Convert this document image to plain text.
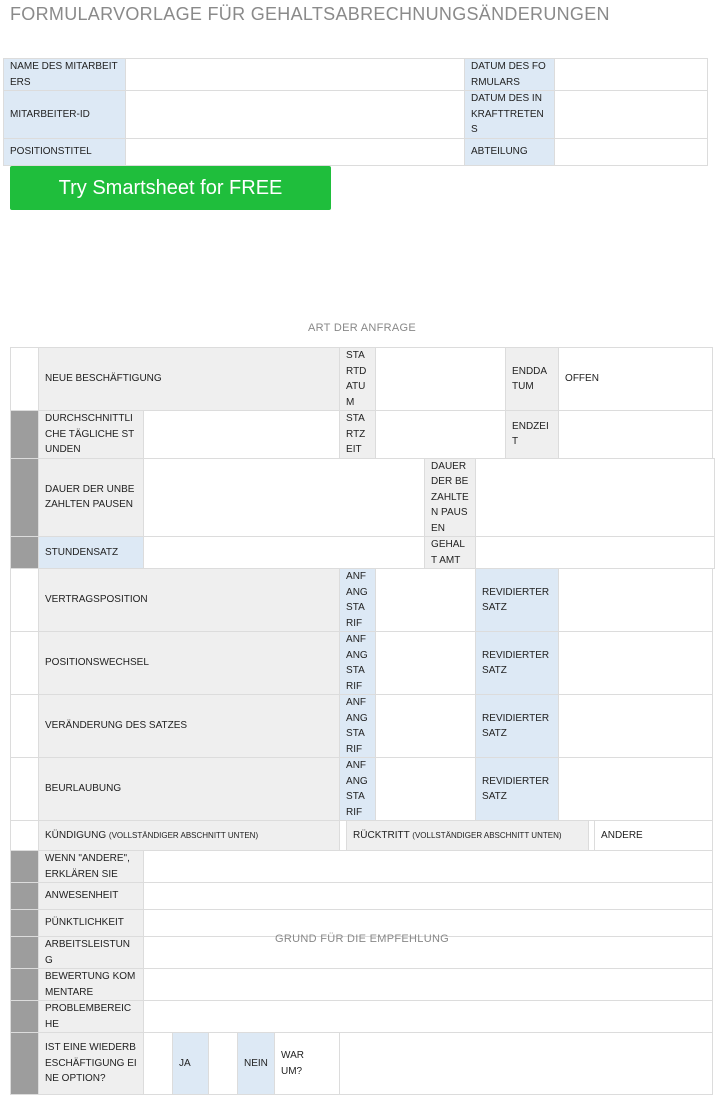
FORMULARVORLAGE FÜR GEHALTSABRECHNUNGSÄNDERUNGEN
NAME DES MITARBEITERS		DATUM DES FORMULARS	
MITARBEITER-ID		DATUM DES INKRAFTTRETENS	
POSITIONSTITEL		ABTEILUNG	
Try Smartsheet for FREE
ART DER ANFRAGE
	NEUE BESCHÄFTIGUNG						STARTDATUM					ENDDATUM	OFFEN		
	DURCHSCHNITTLICHE TÄGLICHE STUNDEN						STARTZEIT					ENDZEIT			
	DAUER DER UNBEZAHLTEN PAUSEN									DAUER DER BEZAHLTEN PAUSEN					
	STUNDENSATZ									GEHALT AMT					
	VERTRAGSPOSITION						ANFANGSTARIF				REVIDIERTER SATZ				
	POSITIONSWECHSEL						ANFANGSTARIF				REVIDIERTER SATZ				
	VERÄNDERUNG DES SATZES						ANFANGSTARIF				REVIDIERTER SATZ				
	BEURLAUBUNG						ANFANGSTARIF				REVIDIERTER SATZ				
	KÜNDIGUNG (VOLLSTÄNDIGER ABSCHNITT UNTEN)							RÜCKTRITT (VOLLSTÄNDIGER ABSCHNITT UNTEN)							ANDERE
	WENN "ANDERE", ERKLÄREN SIE														
	ANWESENHEIT														
	PÜNKTLICHKEIT														
	ARBEITSLEISTUNG														
	BEWERTUNG KOMMENTARE														
	PROBLEMBEREICHE														
	IST EINE WIEDERBESCHÄFTIGUNG EINE OPTION?		JA		NEIN	WARUM?									
GRUND FÜR DIE EMPFEHLUNG
